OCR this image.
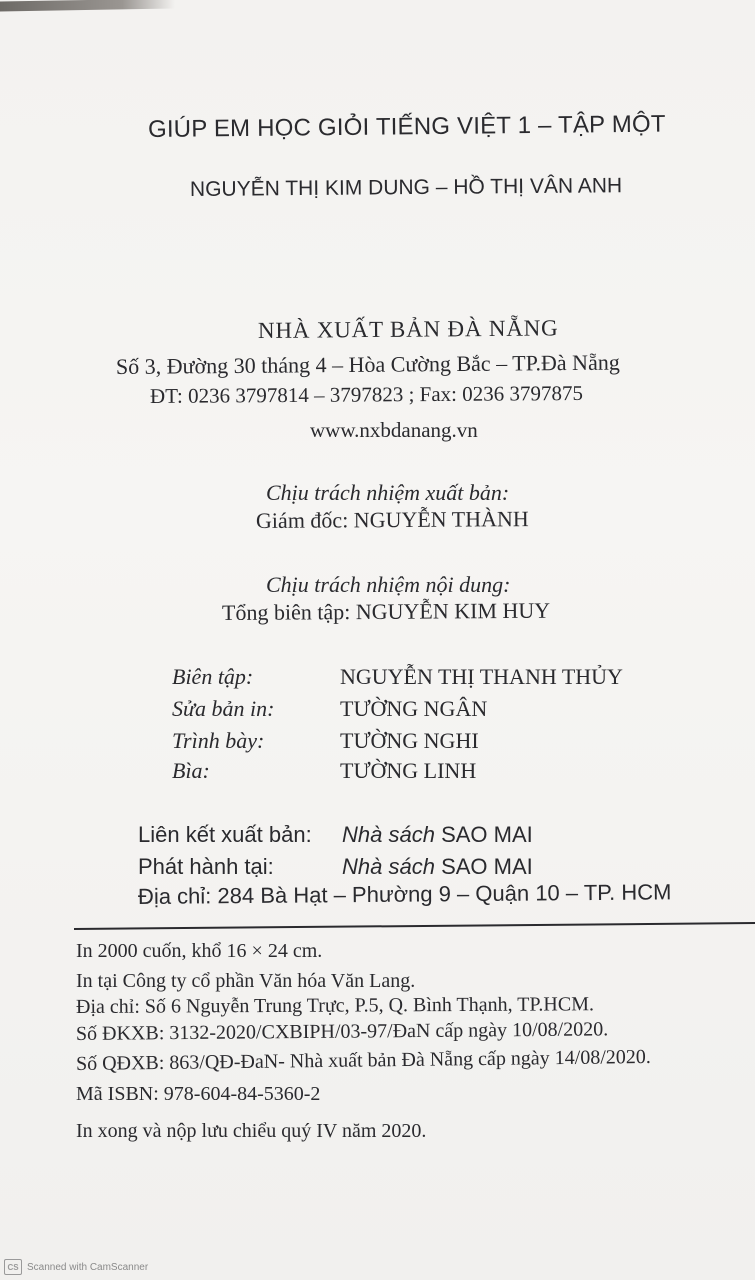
GIÚP EM HỌC GIỎI TIẾNG VIỆT 1 – TẬP MỘT
NGUYỄN THỊ KIM DUNG – HỒ THỊ VÂN ANH
NHÀ XUẤT BẢN ĐÀ NẴNG
Số 3, Đường 30 tháng 4 – Hòa Cường Bắc – TP.Đà Nẵng
ĐT: 0236 3797814 – 3797823 ; Fax: 0236 3797875
www.nxbdanang.vn
Chịu trách nhiệm xuất bản:
Giám đốc: NGUYỄN THÀNH
Chịu trách nhiệm nội dung:
Tổng biên tập: NGUYỄN KIM HUY
Biên tập:	NGUYỄN THỊ THANH THỦY
Sửa bản in:	TƯỜNG NGÂN
Trình bày:	TƯỜNG NGHI
Bìa:	TƯỜNG LINH
Liên kết xuất bản: Nhà sách SAO MAI
Phát hành tại:	Nhà sách SAO MAI
Địa chỉ: 284 Bà Hạt – Phường 9 – Quận 10 – TP. HCM
In 2000 cuốn, khổ 16 × 24 cm.
In tại Công ty cổ phần Văn hóa Văn Lang.
Địa chỉ: Số 6 Nguyễn Trung Trực, P.5, Q. Bình Thạnh, TP.HCM.
Số ĐKXB: 3132-2020/CXBIPH/03-97/ĐaN cấp ngày 10/08/2020.
Số QĐXB: 863/QĐ-ĐaN- Nhà xuất bản Đà Nẵng cấp ngày 14/08/2020.
Mã ISBN: 978-604-84-5360-2
In xong và nộp lưu chiểu quý IV năm 2020.
CS Scanned with CamScanner
